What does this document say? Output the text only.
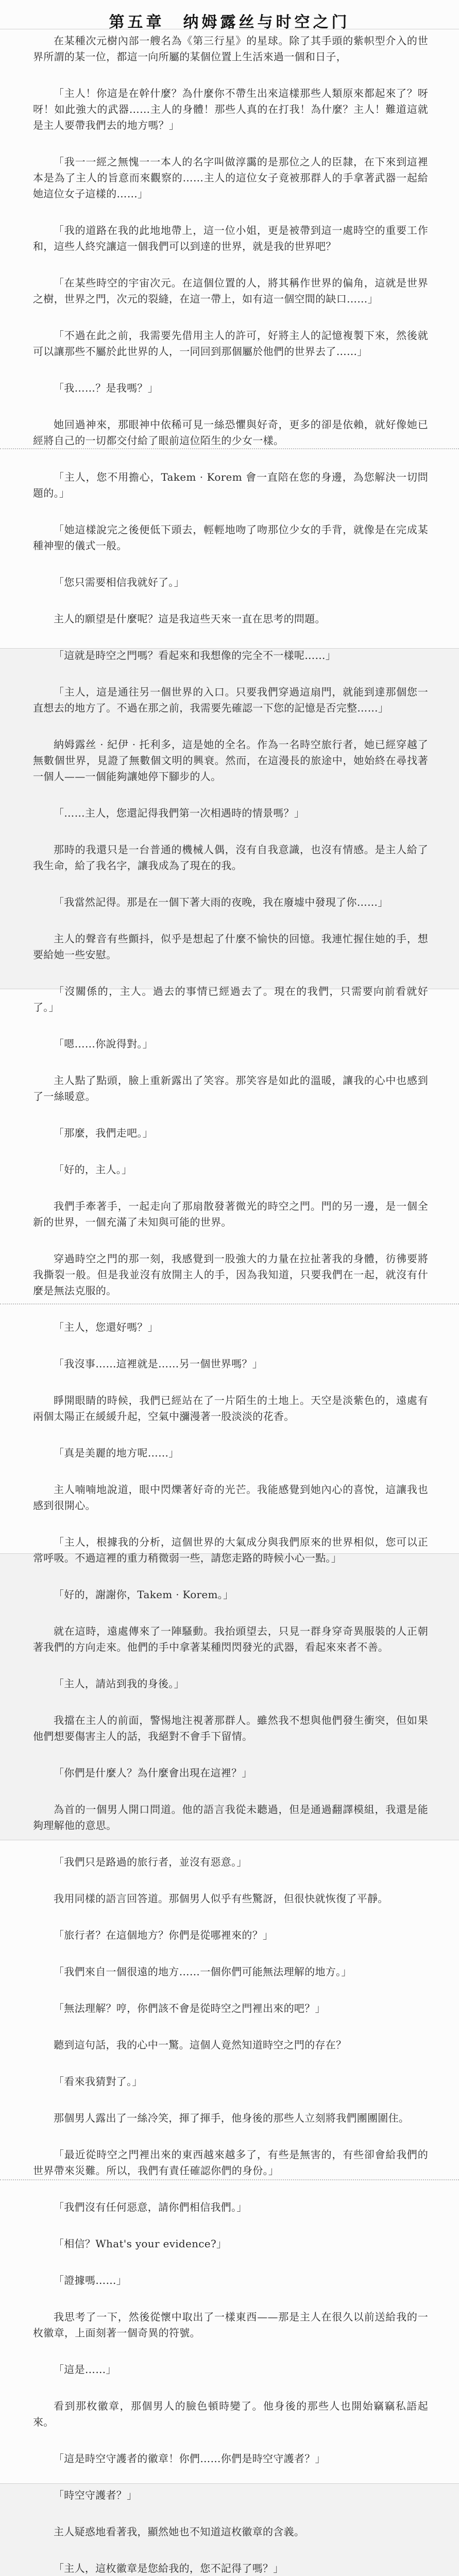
第五章　纳姆露丝与时空之门

在某種次元樹內部一艘名為《第三行星》的星球。除了其手頭的紫帜型介入的世界所謂的某一位，都這一向所屬的某個位置上生活來過一個和日子，

「主人！你這是在幹什麼？為什麼你不帶生出來這樣那些人類原來都起來了？呀呀！如此強大的武器……主人的身體！那些人真的在打我！為什麼？主人！難道這就是主人要帶我們去的地方嗎？」

「我一一經之無愧一一本人的名字叫做淳靄的是那位之人的臣隸，在下來到這裡本是為了主人的旨意而來觀察的……主人的這位女子竟被那群人的手拿著武器一起給她這位女子這樣的……」

「我的道路在我的此地地帶上，這一位小姐，更是被帶到這一處時空的重要工作和，這些人終究讓這一個我們可以到達的世界，就是我的世界吧？

「在某些時空的宇宙次元。在這個位置的人，將其稱作世界的偏角，這就是世界之樹，世界之門，次元的裂縫，在這一帶上，如有這一個空間的缺口……」

「不過在此之前，我需要先借用主人的許可，好將主人的記憶複製下來，然後就可以讓那些不屬於此世界的人，一同回到那個屬於他們的世界去了……」

「我……？是我嗎？」

她回過神來，那眼神中依稀可見一絲恐懼與好奇，更多的卻是依賴，就好像她已經將自己的一切都交付給了眼前這位陌生的少女一樣。

「主人，您不用擔心，Takem · Korem 會一直陪在您的身邊，為您解決一切問題的。」

「她這樣說完之後便低下頭去，輕輕地吻了吻那位少女的手背，就像是在完成某種神聖的儀式一般。

「您只需要相信我就好了。」

主人的願望是什麼呢？這是我這些天來一直在思考的問題。

「這就是時空之門嗎？看起來和我想像的完全不一樣呢……」

「主人，這是通往另一個世界的入口。只要我們穿過這扇門，就能到達那個您一直想去的地方了。不過在那之前，我需要先確認一下您的記憶是否完整……」

納姆露丝 · 紀伊 · 托利多，這是她的全名。作為一名時空旅行者，她已經穿越了無數個世界，見證了無數個文明的興衰。然而，在這漫長的旅途中，她始終在尋找著一個人——一個能夠讓她停下腳步的人。

「……主人，您還記得我們第一次相遇時的情景嗎？」

那時的我還只是一台普通的機械人偶，沒有自我意識，也沒有情感。是主人給了我生命，給了我名字，讓我成為了現在的我。

「我當然記得。那是在一個下著大雨的夜晚，我在廢墟中發現了你……」

主人的聲音有些顫抖，似乎是想起了什麼不愉快的回憶。我連忙握住她的手，想要給她一些安慰。

「沒關係的，主人。過去的事情已經過去了。現在的我們，只需要向前看就好了。」

「嗯……你說得對。」

主人點了點頭，臉上重新露出了笑容。那笑容是如此的溫暖，讓我的心中也感到了一絲暖意。

「那麼，我們走吧。」

「好的，主人。」

我們手牽著手，一起走向了那扇散發著微光的時空之門。門的另一邊，是一個全新的世界，一個充滿了未知與可能的世界。

穿過時空之門的那一刻，我感覺到一股強大的力量在拉扯著我的身體，彷彿要將我撕裂一般。但是我並沒有放開主人的手，因為我知道，只要我們在一起，就沒有什麼是無法克服的。

「主人，您還好嗎？」

「我沒事……這裡就是……另一個世界嗎？」

睜開眼睛的時候，我們已經站在了一片陌生的土地上。天空是淡紫色的，遠處有兩個太陽正在緩緩升起，空氣中瀰漫著一股淡淡的花香。

「真是美麗的地方呢……」

主人喃喃地說道，眼中閃爍著好奇的光芒。我能感覺到她內心的喜悅，這讓我也感到很開心。

「主人，根據我的分析，這個世界的大氣成分與我們原來的世界相似，您可以正常呼吸。不過這裡的重力稍微弱一些，請您走路的時候小心一點。」

「好的，謝謝你，Takem · Korem。」

就在這時，遠處傳來了一陣騷動。我抬頭望去，只見一群身穿奇異服裝的人正朝著我們的方向走來。他們的手中拿著某種閃閃發光的武器，看起來來者不善。

「主人，請站到我的身後。」

我擋在主人的前面，警惕地注視著那群人。雖然我不想與他們發生衝突，但如果他們想要傷害主人的話，我絕對不會手下留情。

「你們是什麼人？為什麼會出現在這裡？」

為首的一個男人開口問道。他的語言我從未聽過，但是通過翻譯模組，我還是能夠理解他的意思。

「我們只是路過的旅行者，並沒有惡意。」

我用同樣的語言回答道。那個男人似乎有些驚訝，但很快就恢復了平靜。

「旅行者？在這個地方？你們是從哪裡來的？」

「我們來自一個很遠的地方……一個你們可能無法理解的地方。」

「無法理解？哼，你們該不會是從時空之門裡出來的吧？」

聽到這句話，我的心中一驚。這個人竟然知道時空之門的存在？

「看來我猜對了。」

那個男人露出了一絲冷笑，揮了揮手，他身後的那些人立刻將我們團團圍住。

「最近從時空之門裡出來的東西越來越多了，有些是無害的，有些卻會給我們的世界帶來災難。所以，我們有責任確認你們的身份。」

「我們沒有任何惡意，請你們相信我們。」

「相信？What's your evidence?」

「證據嗎……」

我思考了一下，然後從懷中取出了一樣東西——那是主人在很久以前送給我的一枚徽章，上面刻著一個奇異的符號。

「這是……」

看到那枚徽章，那個男人的臉色頓時變了。他身後的那些人也開始竊竊私語起來。

「這是時空守護者的徽章！你們……你們是時空守護者？」

「時空守護者？」

主人疑惑地看著我，顯然她也不知道這枚徽章的含義。

「主人，這枚徽章是您給我的，您不記得了嗎？」
